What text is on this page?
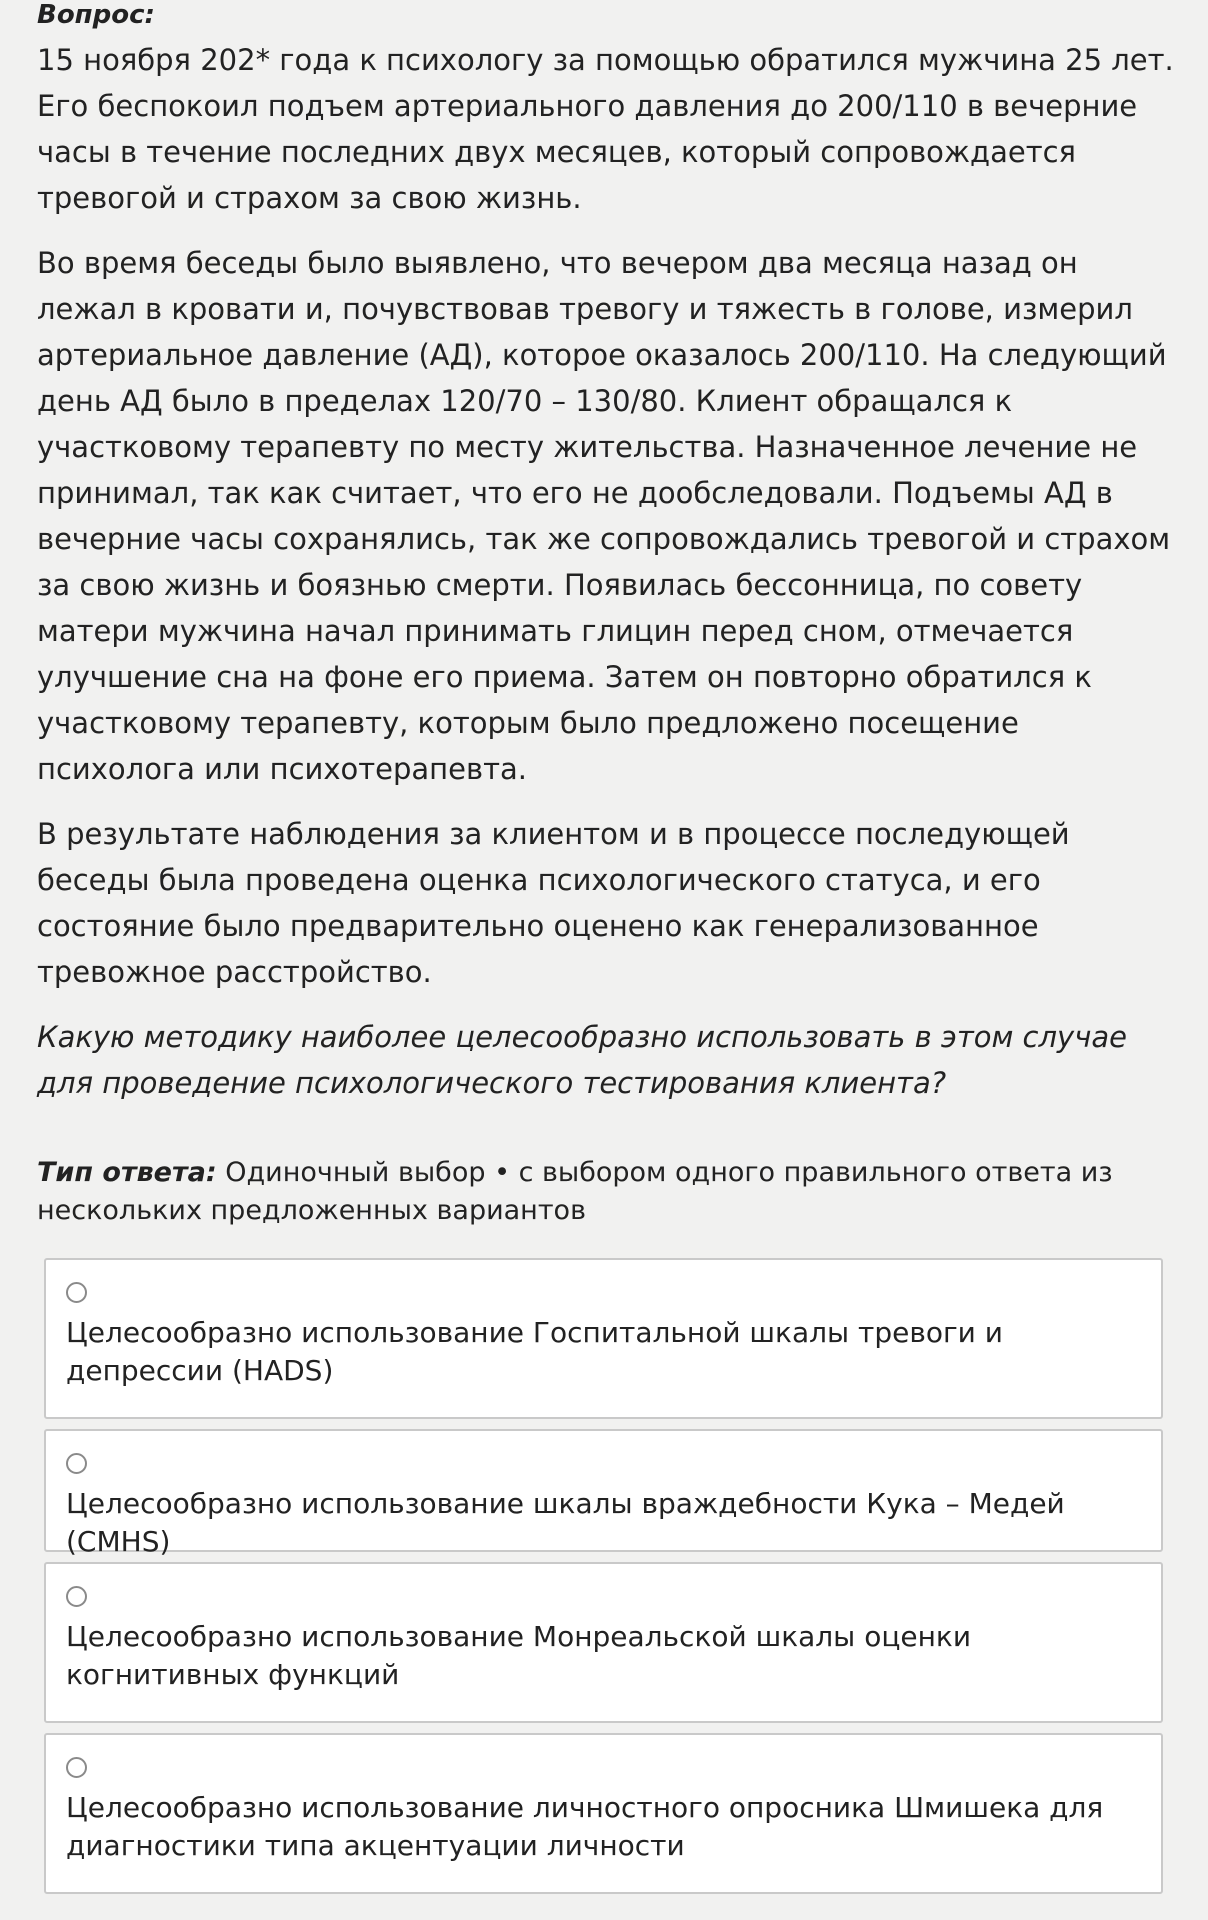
Вопрос:

15 ноября 202* года к психологу за помощью обратился мужчина 25 лет. Его беспокоил подъем артериального давления до 200/110 в вечерние часы в течение последних двух месяцев, который сопровождается тревогой и страхом за свою жизнь.

Во время беседы было выявлено, что вечером два месяца назад он лежал в кровати и, почувствовав тревогу и тяжесть в голове, измерил артериальное давление (АД), которое оказалось 200/110. На следующий день АД было в пределах 120/70 – 130/80. Клиент обращался к участковому терапевту по месту жительства. Назначенное лечение не принимал, так как считает, что его не дообследовали. Подъемы АД в вечерние часы сохранялись, так же сопровождались тревогой и страхом за свою жизнь и боязнью смерти. Появилась бессонница, по совету матери мужчина начал принимать глицин перед сном, отмечается улучшение сна на фоне его приема. Затем он повторно обратился к участковому терапевту, которым было предложено посещение психолога или психотерапевта.

В результате наблюдения за клиентом и в процессе последующей беседы была проведена оценка психологического статуса, и его состояние было предварительно оценено как генерализованное тревожное расстройство.

Какую методику наиболее целесообразно использовать в этом случае для проведение психологического тестирования клиента?

Тип ответа: Одиночный выбор • с выбором одного правильного ответа из нескольких предложенных вариантов
Целесообразно использование Госпитальной шкалы тревоги и депрессии (HADS)
Целесообразно использование шкалы враждебности Кука – Медей (CMHS)
Целесообразно использование Монреальской шкалы оценки когнитивных функций
Целесообразно использование личностного опросника Шмишека для диагностики типа акцентуации личности
